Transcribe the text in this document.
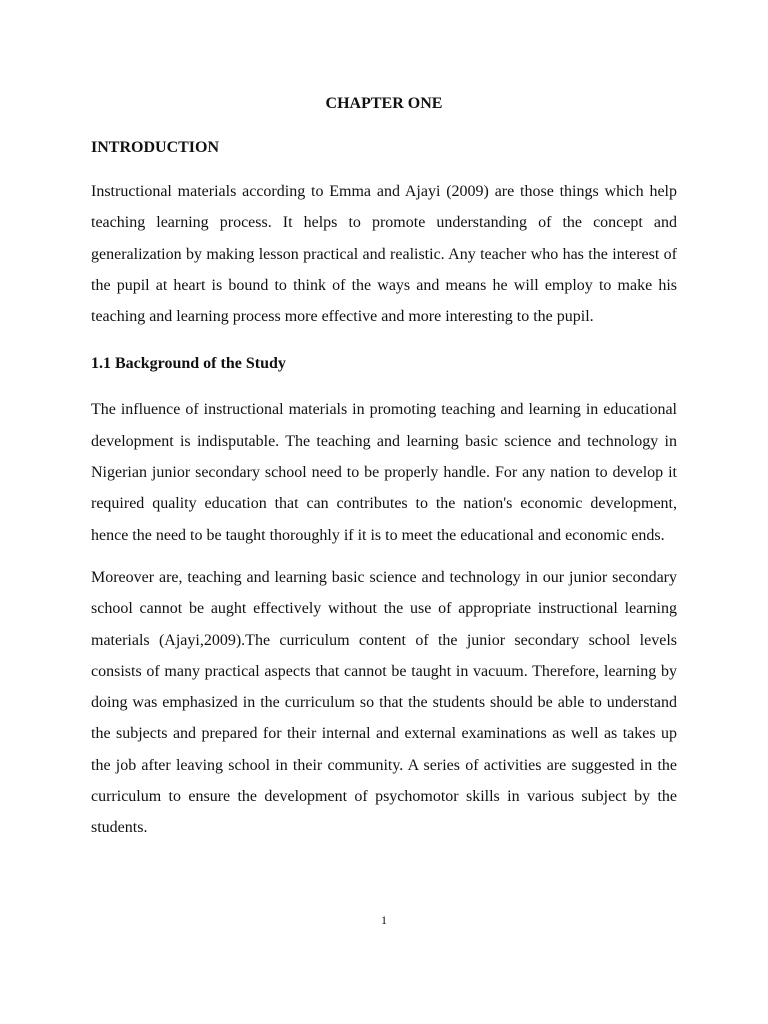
CHAPTER ONE
INTRODUCTION

Instructional materials according to Emma and Ajayi (2009) are those things which help teaching learning process. It helps to promote understanding of the concept and generalization by making lesson practical and realistic. Any teacher who has the interest of the pupil at heart is bound to think of the ways and means he will employ to make his teaching and learning process more effective and more interesting to the pupil.

1.1 Background of the Study

The influence of instructional materials in promoting teaching and learning in educational development is indisputable. The teaching and learning basic science and technology in Nigerian junior secondary school need to be properly handle. For any nation to develop it required quality education that can contributes to the nation's economic development, hence the need to be taught thoroughly if it is to meet the educational and economic ends.

Moreover are, teaching and learning basic science and technology in our junior secondary school cannot be aught effectively without the use of appropriate instructional learning materials (Ajayi,2009).The curriculum content of the junior secondary school levels consists of many practical aspects that cannot be taught in vacuum. Therefore, learning by doing was emphasized in the curriculum so that the students should be able to understand the subjects and prepared for their internal and external examinations as well as takes up the job after leaving school in their community. A series of activities are suggested in the curriculum to ensure the development of psychomotor skills in various subject by the students.

1
